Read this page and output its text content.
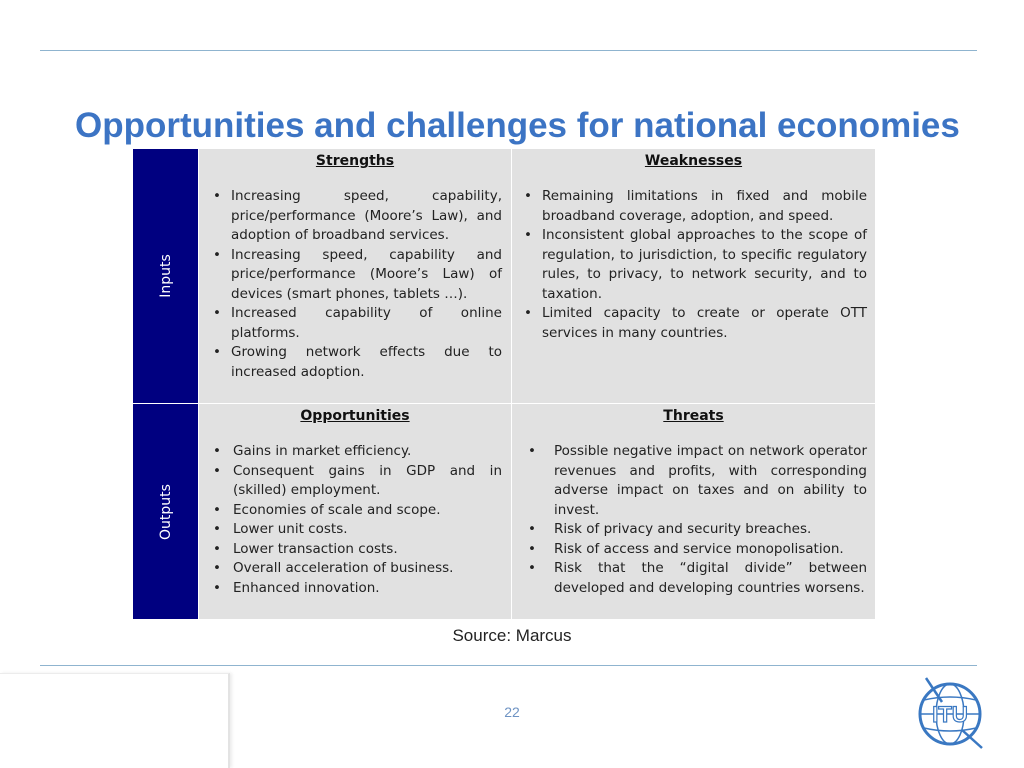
Opportunities and challenges for national economies
Inputs
Outputs
Strengths
• Increasing speed, capability, price/performance (Moore’s Law), and adoption of broadband services.
• Increasing speed, capability and price/performance (Moore’s Law) of devices (smart phones, tablets …).
• Increased capability of online platforms.
• Growing network effects due to increased adoption.
Weaknesses
• Remaining limitations in fixed and mobile broadband coverage, adoption, and speed.
• Inconsistent global approaches to the scope of regulation, to jurisdiction, to specific regulatory rules, to privacy, to network security, and to taxation.
• Limited capacity to create or operate OTT services in many countries.
Opportunities
• Gains in market efficiency.
• Consequent gains in GDP and in (skilled) employment.
• Economies of scale and scope.
• Lower unit costs.
• Lower transaction costs.
• Overall acceleration of business.
• Enhanced innovation.
Threats
• Possible negative impact on network operator revenues and profits, with corresponding adverse impact on taxes and on ability to invest.
• Risk of privacy and security breaches.
• Risk of access and service monopolisation.
• Risk that the “digital divide” between developed and developing countries worsens.
Source: Marcus
22	ITU
